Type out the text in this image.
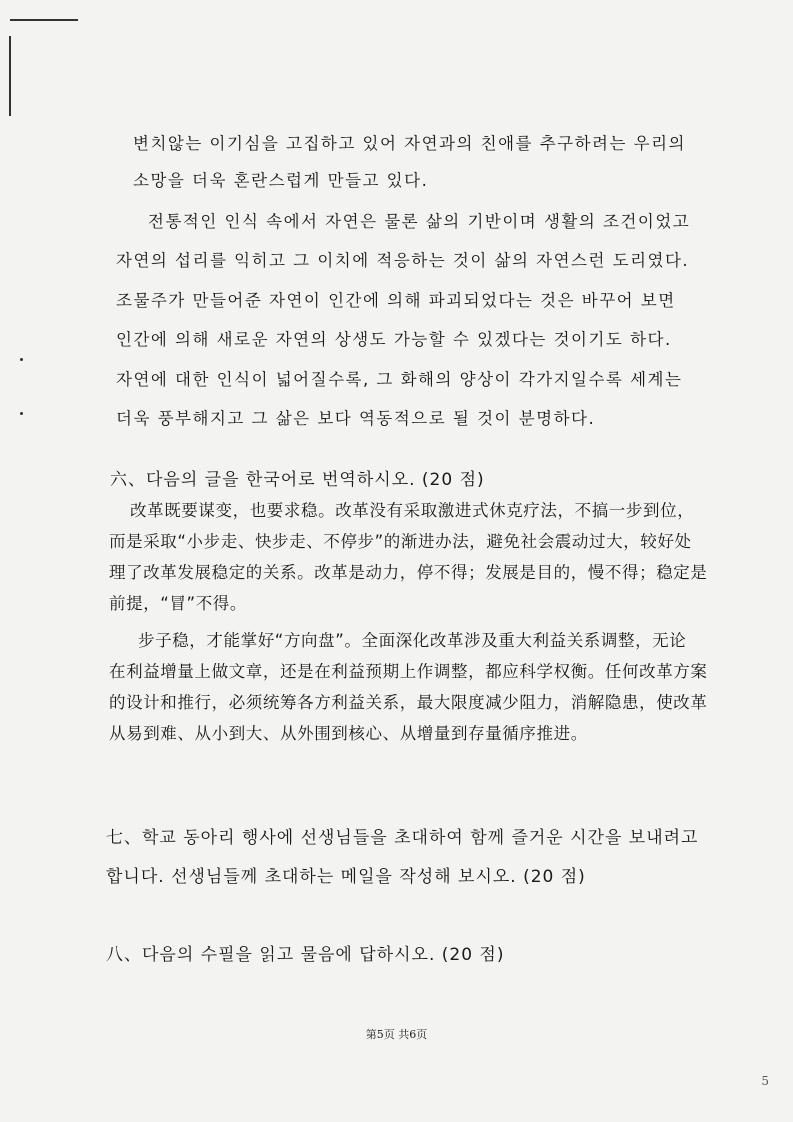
변치않는 이기심을 고집하고 있어 자연과의 친애를 추구하려는 우리의
소망을 더욱 혼란스럽게 만들고 있다.
전통적인 인식 속에서 자연은 물론 삶의 기반이며 생활의 조건이었고
자연의 섭리를 익히고 그 이치에 적응하는 것이 삶의 자연스런 도리였다.
조물주가 만들어준 자연이 인간에 의해 파괴되었다는 것은 바꾸어 보면
인간에 의해 새로운 자연의 상생도 가능할 수 있겠다는 것이기도 하다.
자연에 대한 인식이 넓어질수록, 그 화해의 양상이 각가지일수록 세계는
더욱 풍부해지고 그 삶은 보다 역동적으로 될 것이 분명하다.
六、다음의 글을 한국어로 번역하시오. (20 점)
改革既要谋变，也要求稳。改革没有采取激进式休克疗法，不搞一步到位，
而是采取“小步走、快步走、不停步”的渐进办法，避免社会震动过大，较好处
理了改革发展稳定的关系。改革是动力，停不得；发展是目的，慢不得；稳定是
前提，“冒”不得。
步子稳，才能掌好“方向盘”。全面深化改革涉及重大利益关系调整，无论
在利益增量上做文章，还是在利益预期上作调整，都应科学权衡。任何改革方案
的设计和推行，必须统筹各方利益关系，最大限度减少阻力，消解隐患，使改革
从易到难、从小到大、从外围到核心、从增量到存量循序推进。
七、학교 동아리 행사에 선생님들을 초대하여 함께 즐거운 시간을 보내려고
합니다. 선생님들께 초대하는 메일을 작성해 보시오. (20 점)
八、다음의 수필을 읽고 물음에 답하시오. (20 점)
第5页 共6页
5
